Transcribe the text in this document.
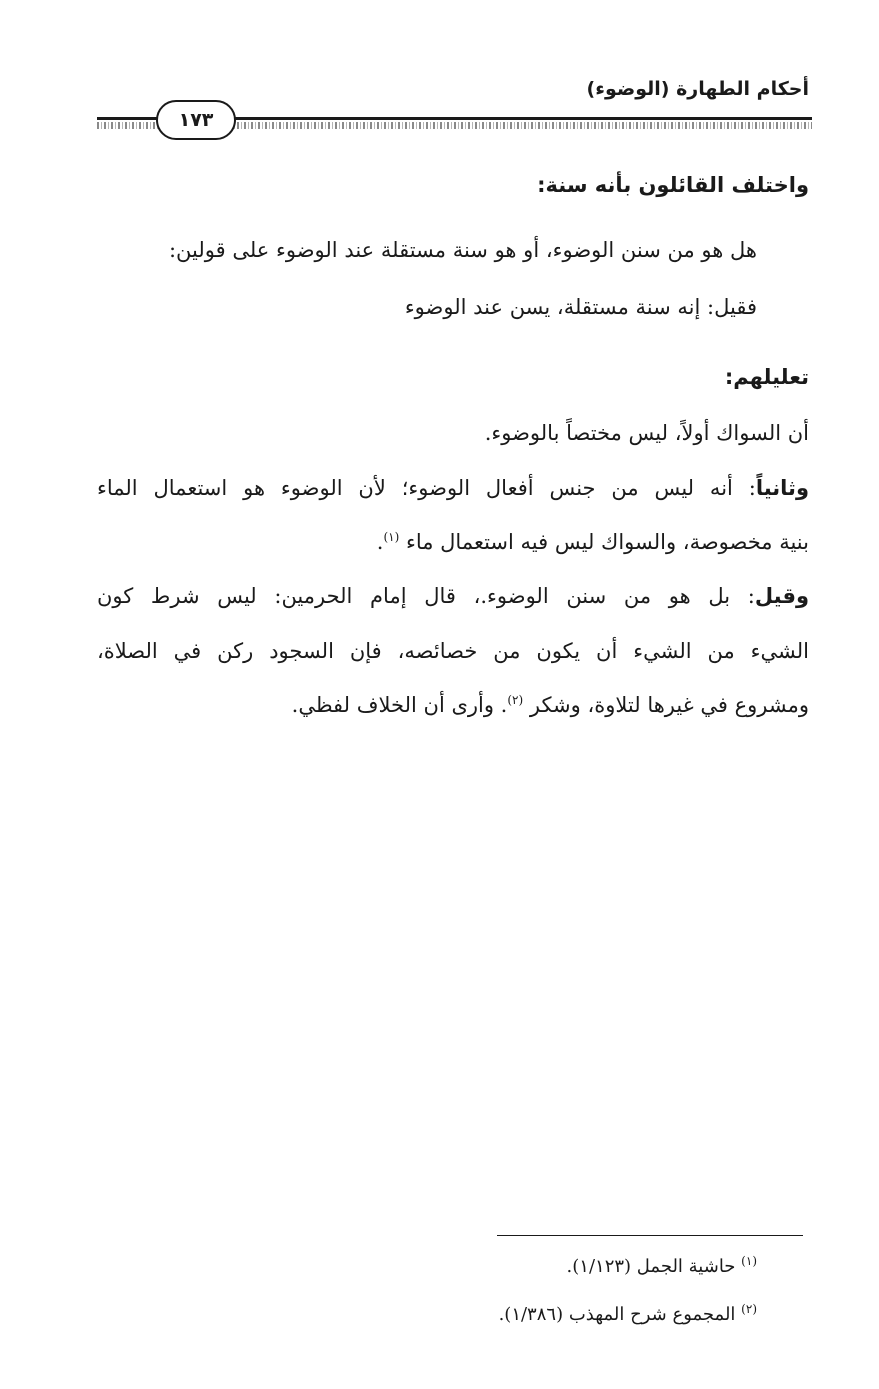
أحكام الطهارة (الوضوء)
١٧٣
واختلف القائلون بأنه سنة:
هل هو من سنن الوضوء، أو هو سنة مستقلة عند الوضوء على قولين:
فقيل: إنه سنة مستقلة، يسن عند الوضوء
تعليلهم:
أن السواك أولاً، ليس مختصاً بالوضوء.
وثانياً: أنه ليس من جنس أفعال الوضوء؛ لأن الوضوء هو استعمال الماء
بنية مخصوصة، والسواك ليس فيه استعمال ماء $^{(١)}$.
وقيل: بل هو من سنن الوضوء.، قال إمام الحرمين: ليس شرط كون
الشيء من الشيء أن يكون من خصائصه، فإن السجود ركن في الصلاة،
ومشروع في غيرها لتلاوة، وشكر $^{(٢)}$. وأرى أن الخلاف لفظي.
$^{(١)}$ حاشية الجمل (١/١٢٣).
$^{(٢)}$ المجموع شرح المهذب (١/٣٨٦).
